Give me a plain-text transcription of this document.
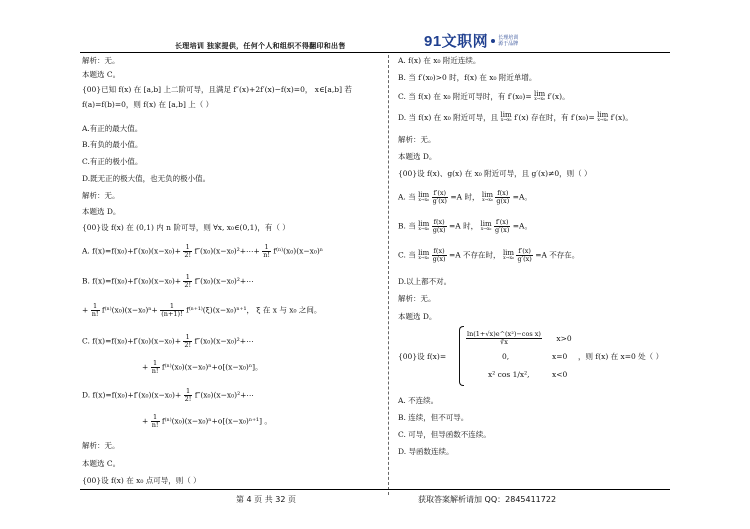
长理培训 独家提供，任何个人和组织不得翻印和出售	91文职网 长理培训
源于品牌
解析：无。
本题选 C。
{00}已知 f(x) 在 [a,b] 上二阶可导，且满足 f″(x)+2f′(x)−f(x)=0， x∈[a,b] 若
f(a)=f(b)=0，则 f(x) 在 [a,b] 上（ ）
A.有正的最大值。
B.有负的最小值。
C.有正的极小值。
D.既无正的极大值，也无负的极小值。
解析：无。
本题选 D。
{00}设 f(x) 在 (0,1) 内 n 阶可导，则 ∀x, x₀∈(0,1)，有（ ）
A. $f(x)=f(x_0)+f'(x_0)(x-x_0)+ \frac{1}{2!}$ f″(x₀)(x−x₀)²+⋯+ $\frac{1}{n!} f^{(n)}(x_0)(x-x_0)^n$
B. $f(x)=f(x_0)+f'(x_0)(x-x_0)+ \frac{1}{2!}$ f″(x₀)(x−x₀)²+⋯
+ $\frac{1}{n!} f^{(n)}(x_0)(x-x_0)^n+ \frac{1}{(n+1)!} f^{(n+1)}(\xi)(x-x_0)^{n+1}$， ξ 在 x 与 x₀ 之间。
C. $f(x)=f(x_0)+f'(x_0)(x-x_0)+ \frac{1}{2!}$ f″(x₀)(x−x₀)²+⋯
+ $\frac{1}{n!} f^{(n)}(x_0)(x-x_0)^n+o[(x-x_0)^n]$。
D. $f(x)=f(x_0)+f'(x_0)(x-x_0)+ \frac{1}{2!}$ f″(x₀)(x−x₀)²+⋯
+ $\frac{1}{n!} f^{(n)}(x_0)(x-x_0)^n+o[(x-x_0)^{n+1}]$ 。
解析：无。
本题选 C。
{00}设 f(x) 在 x₀ 点可导，则（ ）
A. f(x) 在 x₀ 附近连续。
B. 当 f′(x₀)>0 时，f(x) 在 x₀ 附近单增。
C. 当 f(x) 在 x₀ 附近可导时，有 f′(x₀)= lim
x→x₀ f′(x)。
D. 当 f(x) 在 x₀ 附近可导，且 lim
x→x₀ f′(x) 存在时，有 f′(x₀)= lim
x→x₀ f′(x)。
解析：无。
本题选 D。
{00}设 f(x)、g(x) 在 x₀ 附近可导，且 g′(x)≠0，则（ ）
A. 当 lim
x→x₀
$\frac{f'(x)}{g'(x)} =A$ 时， lim
x→x₀
$\frac{f(x)}{g(x)} =A$。
B. 当 lim
x→x₀
$\frac{f(x)}{g(x)} =A$ 时， lim
x→x₀
$\frac{f'(x)}{g'(x)} =A$。
C. 当 lim
x→x₀
$\frac{f(x)}{g(x)} =A$ 不存在时， lim
x→x₀
$\frac{f'(x)}{g'(x)} =A$ 不存在。
D.以上都不对。
解析：无。
本题选 D。
{00}设 f(x)=
$\frac{\text{ln(1+√x)e\textasciicircum{}(x²)−cos x)}}{∛x} x>0$
0,	x=0 ，则 f(x) 在 x=0 处（ ）
x² cos 1/x²,	x<0
A. 不连续。
B. 连续，但不可导。
C. 可导，但导函数不连续。
D. 导函数连续。
第 4 页 共 32 页	获取答案解析请加 QQ：2845411722
